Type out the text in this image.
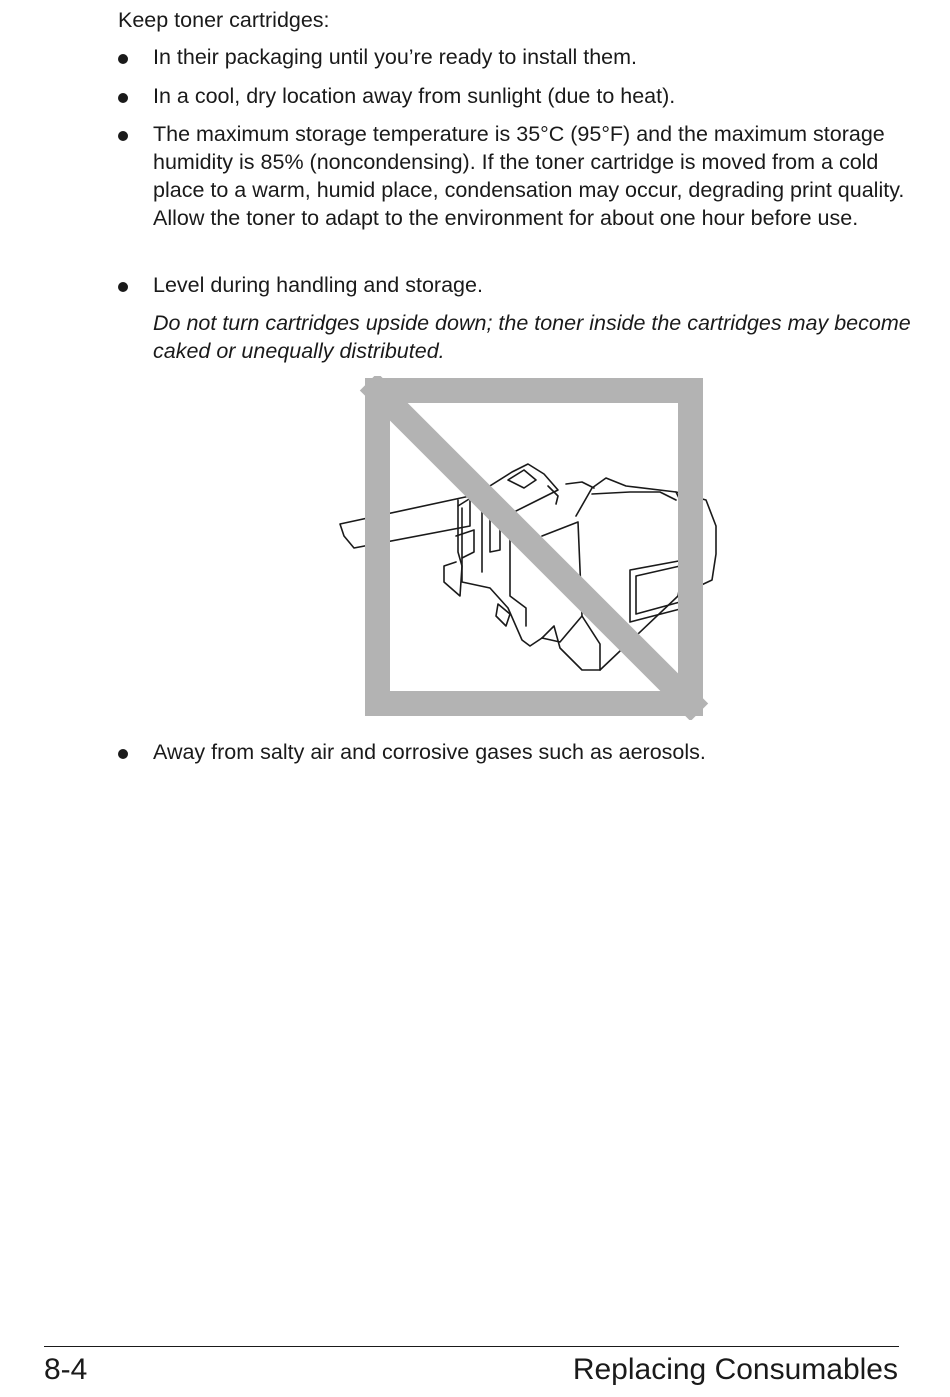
Keep toner cartridges:
In their packaging until you’re ready to install them.
In a cool, dry location away from sunlight (due to heat).
The maximum storage temperature is 35°C (95°F) and the maximum storage humidity is 85% (noncondensing). If the toner cartridge is moved from a cold place to a warm, humid place, condensation may occur, degrading print quality. Allow the toner to adapt to the environment for about one hour before use.
Level during handling and storage.
Do not turn cartridges upside down; the toner inside the cartridges may become caked or unequally distributed.
Away from salty air and corrosive gases such as aerosols.
8-4	Replacing Consumables
